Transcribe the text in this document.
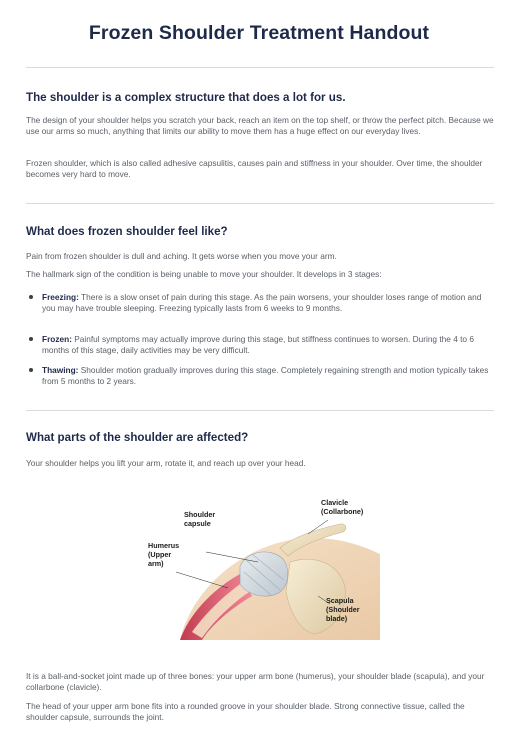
Frozen Shoulder Treatment Handout
The shoulder is a complex structure that does a lot for us.
The design of your shoulder helps you scratch your back, reach an item on the top shelf, or throw the perfect pitch. Because we use our arms so much, anything that limits our ability to move them has a huge effect on our everyday lives.
Frozen shoulder, which is also called adhesive capsulitis, causes pain and stiffness in your shoulder. Over time, the shoulder becomes very hard to move.
What does frozen shoulder feel like?
Pain from frozen shoulder is dull and aching. It gets worse when you move your arm.
The hallmark sign of the condition is being unable to move your shoulder. It develops in 3 stages:
Freezing: There is a slow onset of pain during this stage. As the pain worsens, your shoulder loses range of motion and you may have trouble sleeping. Freezing typically lasts from 6 weeks to 9 months.
Frozen: Painful symptoms may actually improve during this stage, but stiffness continues to worsen. During the 4 to 6 months of this stage, daily activities may be very difficult.
Thawing: Shoulder motion gradually improves during this stage. Completely regaining strength and motion typically takes from 5 months to 2 years.
What parts of the shoulder are affected?
Your shoulder helps you lift your arm, rotate it, and reach up over your head.
Shoulder
capsule
Humerus
(Upper
arm)
Clavicle
(Collarbone)
Scapula
(Shoulder
blade)
It is a ball-and-socket joint made up of three bones: your upper arm bone (humerus), your shoulder blade (scapula), and your collarbone (clavicle).
The head of your upper arm bone fits into a rounded groove in your shoulder blade. Strong connective tissue, called the shoulder capsule, surrounds the joint.
